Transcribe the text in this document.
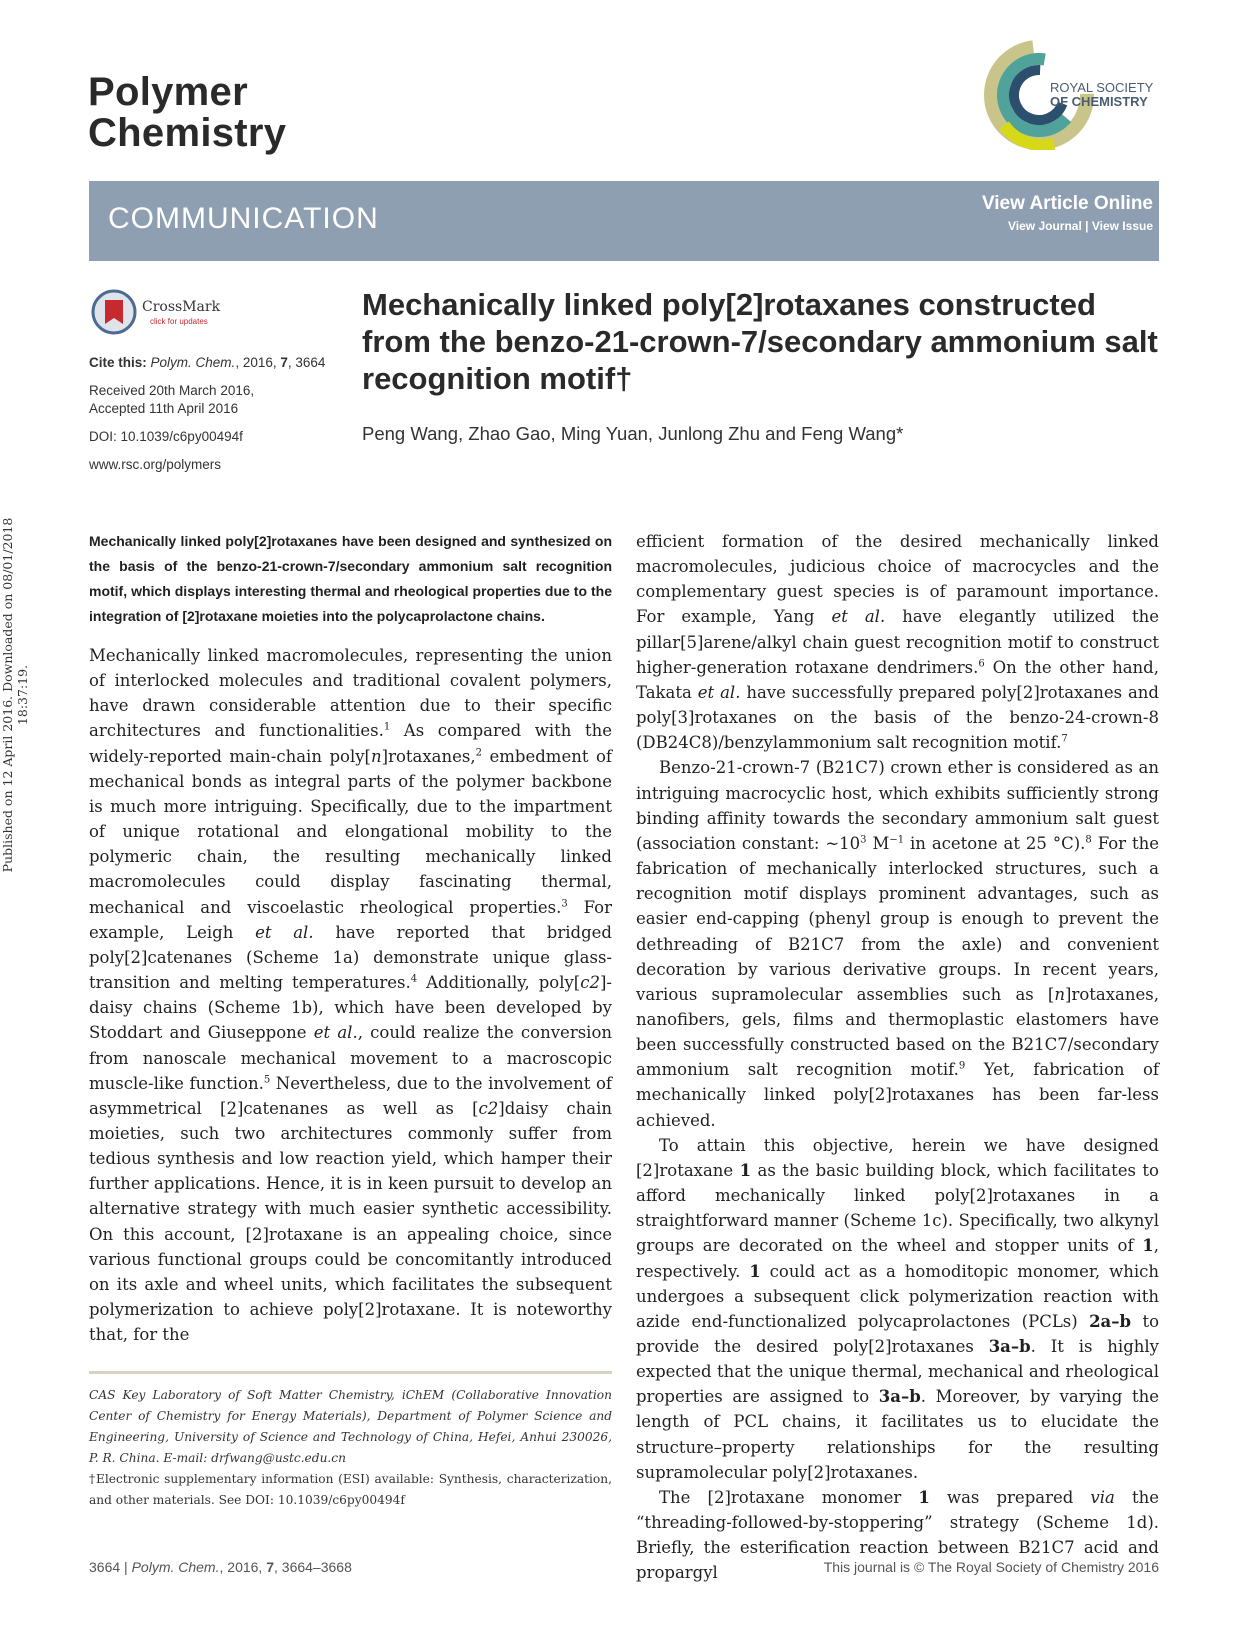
Polymer
Chemistry
ROYAL SOCIETY
OF CHEMISTRY
COMMUNICATION	View Article Online
View Journal | View Issue
CrossMark
click for updates

Cite this: Polym. Chem., 2016, 7, 3664

Received 20th March 2016,
Accepted 11th April 2016

DOI: 10.1039/c6py00494f

www.rsc.org/polymers

Mechanically linked poly[2]rotaxanes constructed from the benzo-21-crown-7/secondary ammonium salt recognition motif†
Peng Wang, Zhao Gao, Ming Yuan, Junlong Zhu and Feng Wang*
Published on 12 April 2016. Downloaded on 08/01/2018 18:37:19.

Mechanically linked poly[2]rotaxanes have been designed and synthesized on the basis of the benzo-21-crown-7/secondary ammonium salt recognition motif, which displays interesting thermal and rheological properties due to the integration of [2]rotaxane moieties into the polycaprolactone chains.

Mechanically linked macromolecules, representing the union of interlocked molecules and traditional covalent polymers, have drawn considerable attention due to their specific architectures and functionalities.$^1$ As compared with the widely-reported main-chain poly[n]rotaxanes,$^2$ embedment of mechanical bonds as integral parts of the polymer backbone is much more intriguing. Specifically, due to the impartment of unique rotational and elongational mobility to the polymeric chain, the resulting mechanically linked macromolecules could display fascinating thermal, mechanical and viscoelastic rheological properties.$^3$ For example, Leigh et al. have reported that bridged poly[2]catenanes (Scheme 1a) demonstrate unique glass-transition and melting temperatures.$^4$ Additionally, poly[c2]-daisy chains (Scheme 1b), which have been developed by Stoddart and Giuseppone et al., could realize the conversion from nanoscale mechanical movement to a macroscopic muscle-like function.$^5$ Nevertheless, due to the involvement of asymmetrical [2]catenanes as well as [c2]daisy chain moieties, such two architectures commonly suffer from tedious synthesis and low reaction yield, which hamper their further applications. Hence, it is in keen pursuit to develop an alternative strategy with much easier synthetic accessibility. On this account, [2]rotaxane is an appealing choice, since various functional groups could be concomitantly introduced on its axle and wheel units, which facilitates the subsequent polymerization to achieve poly[2]rotaxane. It is noteworthy that, for the

CAS Key Laboratory of Soft Matter Chemistry, iChEM (Collaborative Innovation Center of Chemistry for Energy Materials), Department of Polymer Science and Engineering, University of Science and Technology of China, Hefei, Anhui 230026, P. R. China. E-mail: drfwang@ustc.edu.cn
†Electronic supplementary information (ESI) available: Synthesis, characterization, and other materials. See DOI: 10.1039/c6py00494f

efficient formation of the desired mechanically linked macromolecules, judicious choice of macrocycles and the complementary guest species is of paramount importance. For example, Yang et al. have elegantly utilized the pillar[5]arene/alkyl chain guest recognition motif to construct higher-generation rotaxane dendrimers.$^6$ On the other hand, Takata et al. have successfully prepared poly[2]rotaxanes and poly[3]rotaxanes on the basis of the benzo-24-crown-8 (DB24C8)/benzylammonium salt recognition motif.$^7$

Benzo-21-crown-7 (B21C7) crown ether is considered as an intriguing macrocyclic host, which exhibits sufficiently strong binding affinity towards the secondary ammonium salt guest (association constant: $\sim 10^3$ $M^{-1}$ in acetone at 25 °C).$^8$ For the fabrication of mechanically interlocked structures, such a recognition motif displays prominent advantages, such as easier end-capping (phenyl group is enough to prevent the dethreading of B21C7 from the axle) and convenient decoration by various derivative groups. In recent years, various supramolecular assemblies such as [n]rotaxanes, nanofibers, gels, films and thermoplastic elastomers have been successfully constructed based on the B21C7/secondary ammonium salt recognition motif.$^9$ Yet, fabrication of mechanically linked poly[2]rotaxanes has been far-less achieved.

To attain this objective, herein we have designed [2]rotaxane 1 as the basic building block, which facilitates to afford mechanically linked poly[2]rotaxanes in a straightforward manner (Scheme 1c). Specifically, two alkynyl groups are decorated on the wheel and stopper units of 1, respectively. 1 could act as a homoditopic monomer, which undergoes a subsequent click polymerization reaction with azide end-functionalized polycaprolactones (PCLs) 2a–b to provide the desired poly[2]rotaxanes 3a–b. It is highly expected that the unique thermal, mechanical and rheological properties are assigned to 3a–b. Moreover, by varying the length of PCL chains, it facilitates us to elucidate the structure–property relationships for the resulting supramolecular poly[2]rotaxanes.

The [2]rotaxane monomer 1 was prepared via the “threading-followed-by-stoppering” strategy (Scheme 1d). Briefly, the esterification reaction between B21C7 acid and propargyl

3664 | Polym. Chem., 2016, 7, 3664–3668	This journal is © The Royal Society of Chemistry 2016
